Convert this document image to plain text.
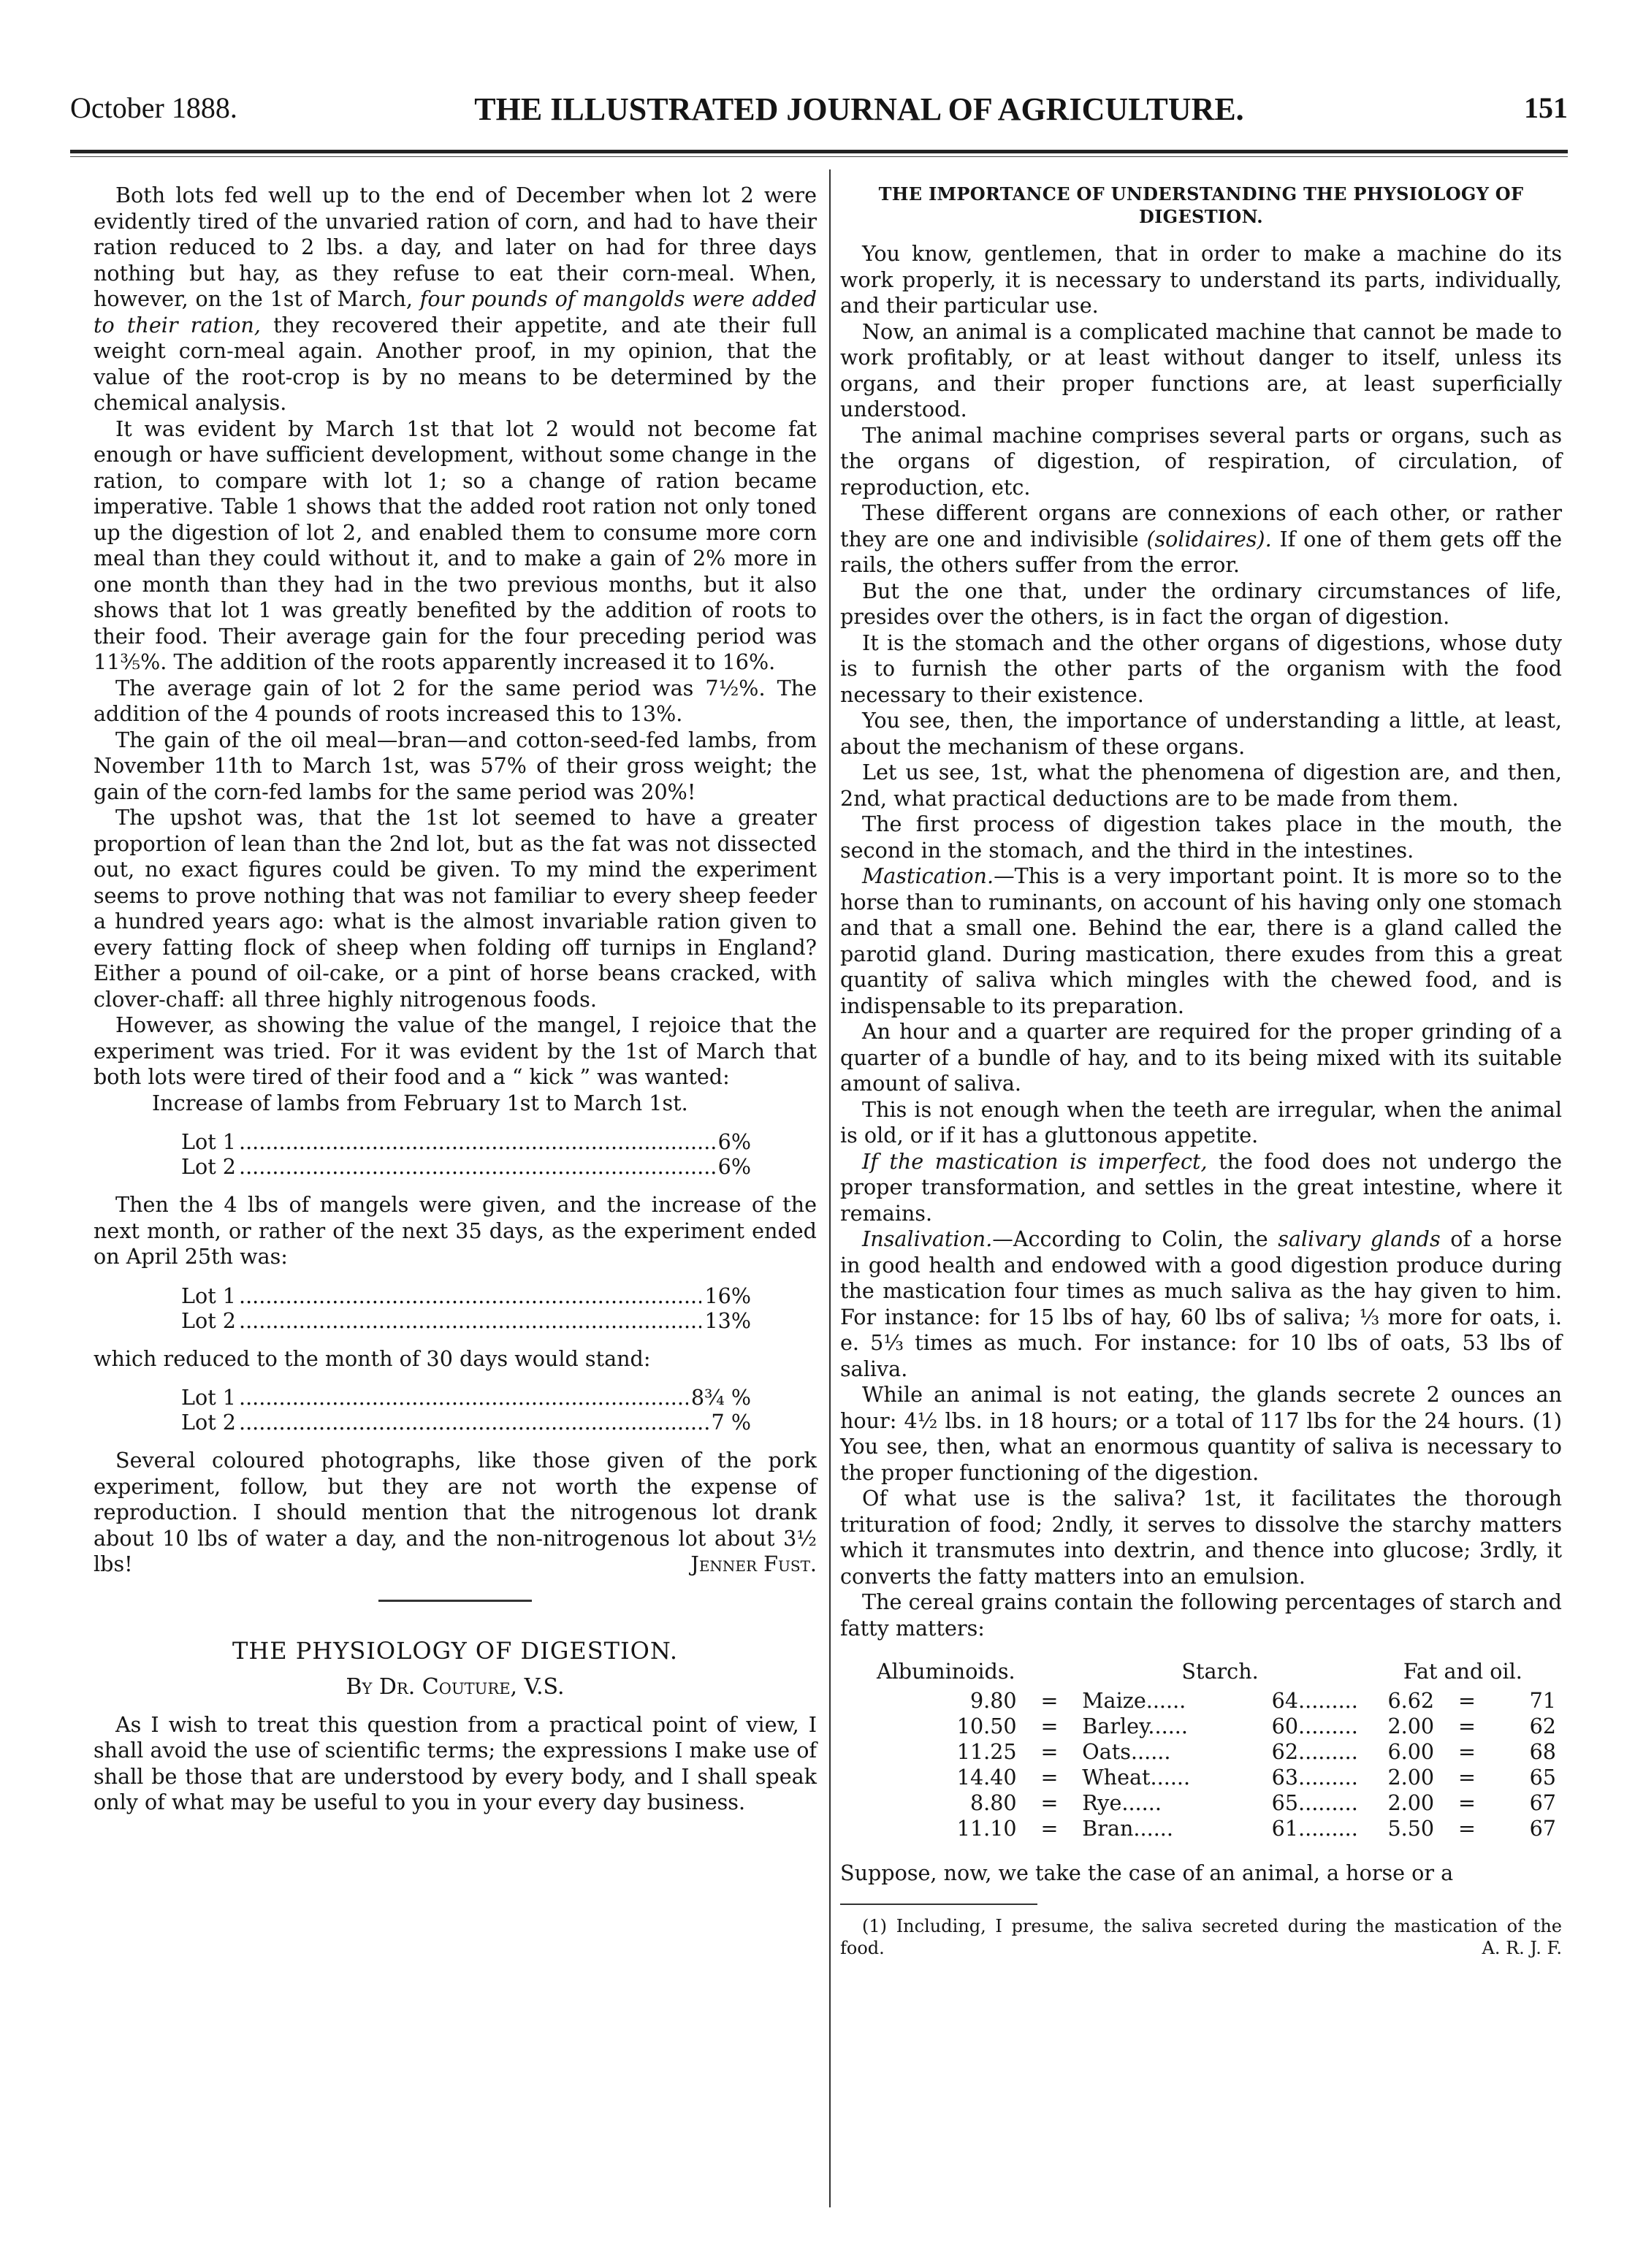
October 1888.	THE ILLUSTRATED JOURNAL OF AGRICULTURE.	151

Both lots fed well up to the end of December when lot 2 were evidently tired of the unvaried ration of corn, and had to have their ration reduced to 2 lbs. a day, and later on had for three days nothing but hay, as they refuse to eat their corn-meal. When, however, on the 1st of March, four pounds of mangolds were added to their ration, they recovered their appetite, and ate their full weight corn-meal again. Another proof, in my opinion, that the value of the root-crop is by no means to be determined by the chemical analysis.

It was evident by March 1st that lot 2 would not become fat enough or have sufficient development, without some change in the ration, to compare with lot 1; so a change of ration became imperative. Table 1 shows that the added root ration not only toned up the digestion of lot 2, and enabled them to consume more corn meal than they could without it, and to make a gain of 2% more in one month than they had in the two previous months, but it also shows that lot 1 was greatly benefited by the addition of roots to their food. Their average gain for the four preceding period was 11⅗%. The addition of the roots apparently increased it to 16%.

The average gain of lot 2 for the same period was 7½%. The addition of the 4 pounds of roots increased this to 13%.

The gain of the oil meal—bran—and cotton-seed-fed lambs, from November 11th to March 1st, was 57% of their gross weight; the gain of the corn-fed lambs for the same period was 20%!

The upshot was, that the 1st lot seemed to have a greater proportion of lean than the 2nd lot, but as the fat was not dissected out, no exact figures could be given. To my mind the experiment seems to prove nothing that was not familiar to every sheep feeder a hundred years ago: what is the almost invariable ration given to every fatting flock of sheep when folding off turnips in England? Either a pound of oil-cake, or a pint of horse beans cracked, with clover-chaff: all three highly nitrogenous foods.

However, as showing the value of the mangel, I rejoice that the experiment was tried. For it was evident by the 1st of March that both lots were tired of their food and a “ kick ” was wanted:

Increase of lambs from February 1st to March 1st.

Lot 1 .....	6%
Lot 2 .....	6%

Then the 4 lbs of mangels were given, and the increase of the next month, or rather of the next 35 days, as the experiment ended on April 25th was:

Lot 1 .....	16%
Lot 2 .....	13%

which reduced to the month of 30 days would stand:

Lot 1 .....	8¾ %
Lot 2 .....	7 %

Several coloured photographs, like those given of the pork experiment, follow, but they are not worth the expense of reproduction. I should mention that the nitrogenous lot drank about 10 lbs of water a day, and the non-nitrogenous lot about 3½ lbs!	Jenner Fust.

THE PHYSIOLOGY OF DIGESTION.
By Dr. Couture, V.S.

As I wish to treat this question from a practical point of view, I shall avoid the use of scientific terms; the expressions I make use of shall be those that are understood by every body, and I shall speak only of what may be useful to you in your every day business.

THE IMPORTANCE OF UNDERSTANDING THE PHYSIOLOGY OF DIGESTION.

You know, gentlemen, that in order to make a machine do its work properly, it is necessary to understand its parts, individually, and their particular use.

Now, an animal is a complicated machine that cannot be made to work profitably, or at least without danger to itself, unless its organs, and their proper functions are, at least superficially understood.

The animal machine comprises several parts or organs, such as the organs of digestion, of respiration, of circulation, of reproduction, etc.

These different organs are connexions of each other, or rather they are one and indivisible (solidaires). If one of them gets off the rails, the others suffer from the error.

But the one that, under the ordinary circumstances of life, presides over the others, is in fact the organ of digestion.

It is the stomach and the other organs of digestions, whose duty is to furnish the other parts of the organism with the food necessary to their existence.

You see, then, the importance of understanding a little, at least, about the mechanism of these organs.

Let us see, 1st, what the phenomena of digestion are, and then, 2nd, what practical deductions are to be made from them.

The first process of digestion takes place in the mouth, the second in the stomach, and the third in the intestines.

Mastication.—This is a very important point. It is more so to the horse than to ruminants, on account of his having only one stomach and that a small one. Behind the ear, there is a gland called the parotid gland. During mastication, there exudes from this a great quantity of saliva which mingles with the chewed food, and is indispensable to its preparation.

An hour and a quarter are required for the proper grinding of a quarter of a bundle of hay, and to its being mixed with its suitable amount of saliva.

This is not enough when the teeth are irregular, when the animal is old, or if it has a gluttonous appetite.

If the mastication is imperfect, the food does not undergo the proper transformation, and settles in the great intestine, where it remains.

Insalivation.—According to Colin, the salivary glands of a horse in good health and endowed with a good digestion produce during the mastication four times as much saliva as the hay given to him. For instance: for 15 lbs of hay, 60 lbs of saliva; ⅓ more for oats, i. e. 5⅓ times as much. For instance: for 10 lbs of oats, 53 lbs of saliva.

While an animal is not eating, the glands secrete 2 ounces an hour: 4½ lbs. in 18 hours; or a total of 117 lbs for the 24 hours. (1) You see, then, what an enormous quantity of saliva is necessary to the proper functioning of the digestion.

Of what use is the saliva? 1st, it facilitates the thorough trituration of food; 2ndly, it serves to dissolve the starchy matters which it transmutes into dextrin, and thence into glucose; 3rdly, it converts the fatty matters into an emulsion.

The cereal grains contain the following percentages of starch and fatty matters:

Albuminoids.		Starch.		Fat and oil.		
9.80	=	Maize......	64.........	6.62	=	71
10.50	=	Barley......	60.........	2.00	=	62
11.25	=	Oats......	62.........	6.00	=	68
14.40	=	Wheat......	63.........	2.00	=	65
8.80	=	Rye......	65.........	2.00	=	67
11.10	=	Bran......	61.........	5.50	=	67

Suppose, now, we take the case of an animal, a horse or a

(1) Including, I presume, the saliva secreted during the mastication of the food.	A. R. J. F.
